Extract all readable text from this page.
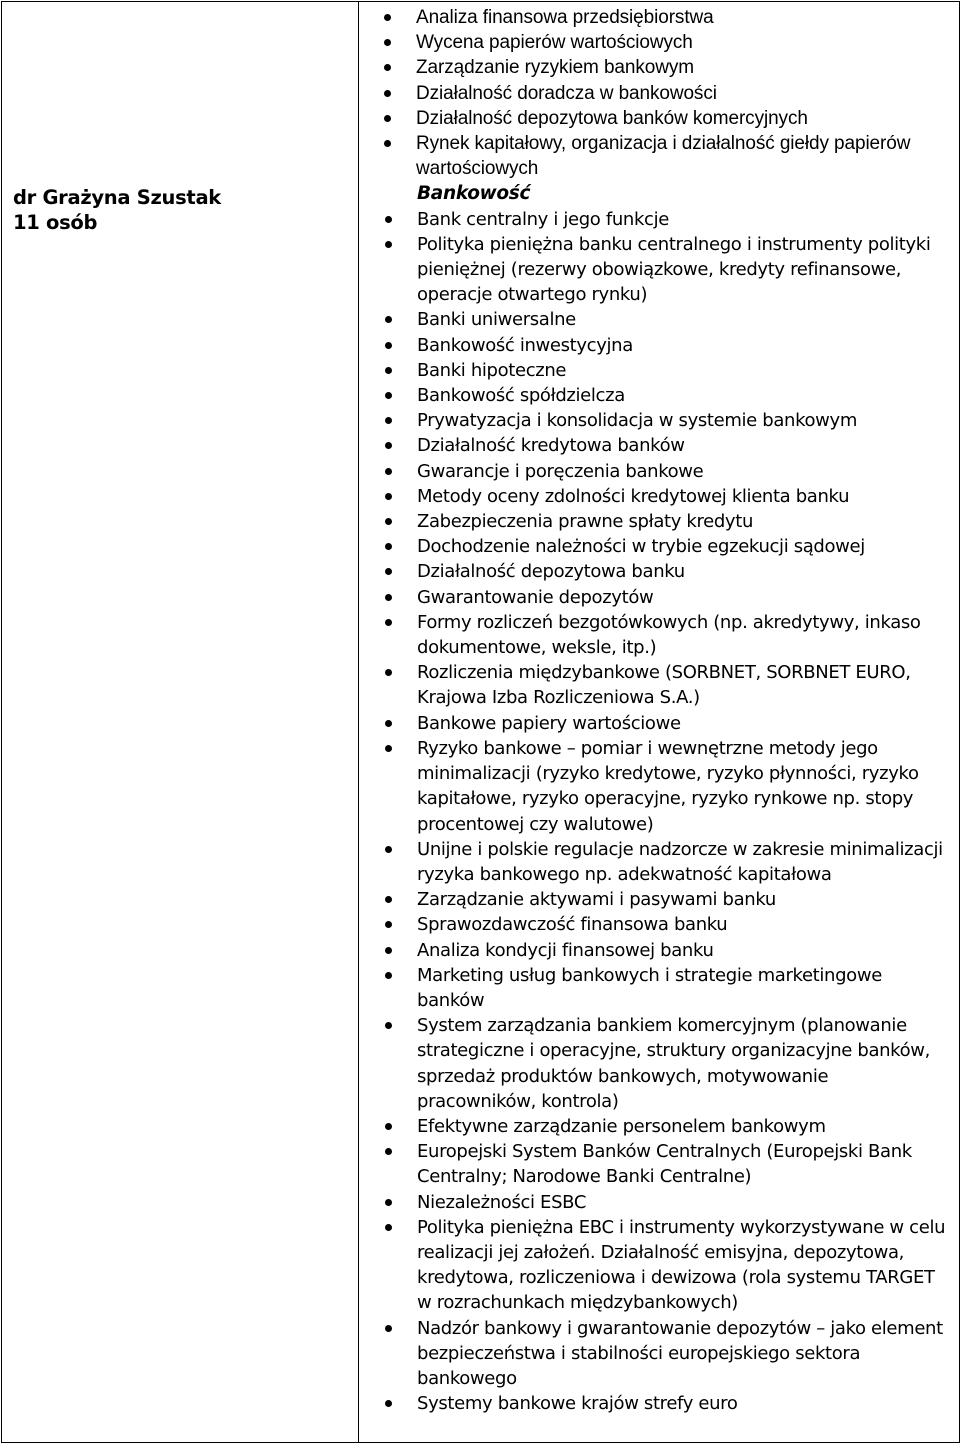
dr Grażyna Szustak
11 osób

Analiza finansowa przedsiębiorstwa
Wycena papierów wartościowych
Zarządzanie ryzykiem bankowym
Działalność doradcza w bankowości
Działalność depozytowa banków komercyjnych
Rynek kapitałowy, organizacja i działalność giełdy papierów wartościowych
Bankowość
Bank centralny i jego funkcje
Polityka pieniężna banku centralnego i instrumenty polityki pieniężnej (rezerwy obowiązkowe, kredyty refinansowe, operacje otwartego rynku)
Banki uniwersalne
Bankowość inwestycyjna
Banki hipoteczne
Bankowość spółdzielcza
Prywatyzacja i konsolidacja w systemie bankowym
Działalność kredytowa banków
Gwarancje i poręczenia bankowe
Metody oceny zdolności kredytowej klienta banku
Zabezpieczenia prawne spłaty kredytu
Dochodzenie należności w trybie egzekucji sądowej
Działalność depozytowa banku
Gwarantowanie depozytów
Formy rozliczeń bezgotówkowych (np. akredytywy, inkaso dokumentowe, weksle, itp.)
Rozliczenia międzybankowe (SORBNET, SORBNET EURO, Krajowa Izba Rozliczeniowa S.A.)
Bankowe papiery wartościowe
Ryzyko bankowe – pomiar i wewnętrzne metody jego minimalizacji (ryzyko kredytowe, ryzyko płynności, ryzyko kapitałowe, ryzyko operacyjne, ryzyko rynkowe np. stopy procentowej czy walutowe)
Unijne i polskie regulacje nadzorcze w zakresie minimalizacji ryzyka bankowego np. adekwatność kapitałowa
Zarządzanie aktywami i pasywami banku
Sprawozdawczość finansowa banku
Analiza kondycji finansowej banku
Marketing usług bankowych i strategie marketingowe banków
System zarządzania bankiem komercyjnym (planowanie strategiczne i operacyjne, struktury organizacyjne banków, sprzedaż produktów bankowych, motywowanie pracowników, kontrola)
Efektywne zarządzanie personelem bankowym
Europejski System Banków Centralnych (Europejski Bank Centralny; Narodowe Banki Centralne)
Niezależności ESBC
Polityka pieniężna EBC i instrumenty wykorzystywane w celu realizacji jej założeń. Działalność emisyjna, depozytowa, kredytowa, rozliczeniowa i dewizowa (rola systemu TARGET w rozrachunkach międzybankowych)
Nadzór bankowy i gwarantowanie depozytów – jako element bezpieczeństwa i stabilności europejskiego sektora bankowego
Systemy bankowe krajów strefy euro
